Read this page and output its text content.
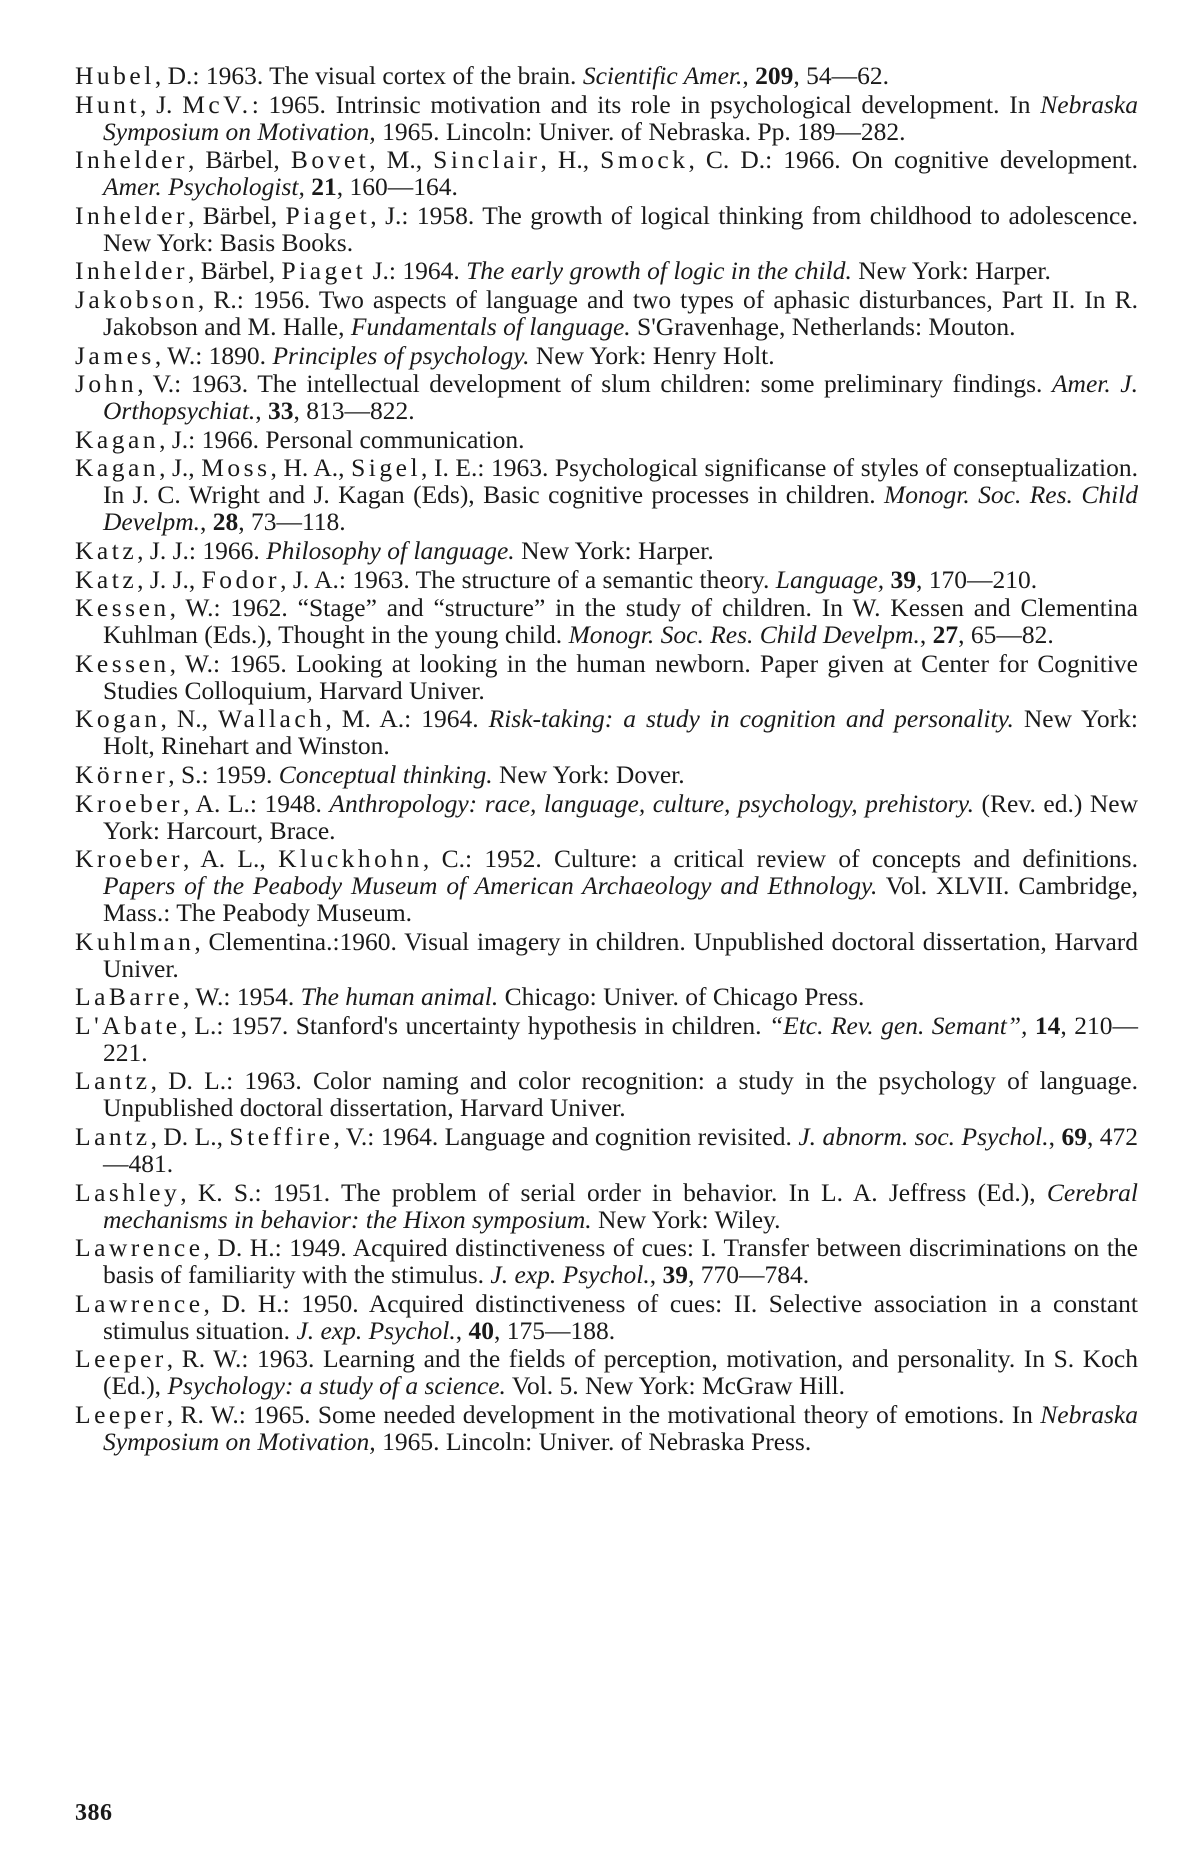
Hubel, D.: 1963. The visual cortex of the brain. Scientific Amer., 209, 54—62.

Hunt, J. McV.: 1965. Intrinsic motivation and its role in psychological development. In Nebraska Symposium on Motivation, 1965. Lincoln: Univer. of Nebraska. Pp. 189—282.

Inhelder, Bärbel, Bovet, M., Sinclair, H., Smock, C. D.: 1966. On cognitive development. Amer. Psychologist, 21, 160—164.

Inhelder, Bärbel, Piaget, J.: 1958. The growth of logical thinking from childhood to adolescence. New York: Basis Books.

Inhelder, Bärbel, Piaget J.: 1964. The early growth of logic in the child. New York: Harper.

Jakobson, R.: 1956. Two aspects of language and two types of aphasic disturbances, Part II. In R. Jakobson and M. Halle, Fundamentals of language. S'Gravenhage, Netherlands: Mouton.

James, W.: 1890. Principles of psychology. New York: Henry Holt.

John, V.: 1963. The intellectual development of slum children: some preliminary findings. Amer. J. Orthopsychiat., 33, 813—822.

Kagan, J.: 1966. Personal communication.

Kagan, J., Moss, H. A., Sigel, I. E.: 1963. Psychological significanse of styles of conseptualization. In J. C. Wright and J. Kagan (Eds), Basic cognitive processes in children. Monogr. Soc. Res. Child Develpm., 28, 73—118.

Katz, J. J.: 1966. Philosophy of language. New York: Harper.

Katz, J. J., Fodor, J. A.: 1963. The structure of a semantic theory. Language, 39, 170—210.

Kessen, W.: 1962. “Stage” and “structure” in the study of children. In W. Kessen and Clementina Kuhlman (Eds.), Thought in the young child. Monogr. Soc. Res. Child Develpm., 27, 65—82.

Kessen, W.: 1965. Looking at looking in the human newborn. Paper given at Center for Cognitive Studies Colloquium, Harvard Univer.

Kogan, N., Wallach, M. A.: 1964. Risk-taking: a study in cognition and personality. New York: Holt, Rinehart and Winston.

Körner, S.: 1959. Conceptual thinking. New York: Dover.

Kroeber, A. L.: 1948. Anthropology: race, language, culture, psychology, prehistory. (Rev. ed.) New York: Harcourt, Brace.

Kroeber, A. L., Kluckhohn, C.: 1952. Culture: a critical review of concepts and definitions. Papers of the Peabody Museum of American Archaeology and Ethnology. Vol. XLVII. Cambridge, Mass.: The Peabody Museum.

Kuhlman, Clementina.:1960. Visual imagery in children. Unpublished doctoral dissertation, Harvard Univer.

LaBarre, W.: 1954. The human animal. Chicago: Univer. of Chicago Press.

L'Abate, L.: 1957. Stanford's uncertainty hypothesis in children. “Etc. Rev. gen. Semant”, 14, 210—221.

Lantz, D. L.: 1963. Color naming and color recognition: a study in the psychology of language. Unpublished doctoral dissertation, Harvard Univer.

Lantz, D. L., Steffire, V.: 1964. Language and cognition revisited. J. abnorm. soc. Psychol., 69, 472—481.

Lashley, K. S.: 1951. The problem of serial order in behavior. In L. A. Jeffress (Ed.), Cerebral mechanisms in behavior: the Hixon symposium. New York: Wiley.

Lawrence, D. H.: 1949. Acquired distinctiveness of cues: I. Transfer between discriminations on the basis of familiarity with the stimulus. J. exp. Psychol., 39, 770—784.

Lawrence, D. H.: 1950. Acquired distinctiveness of cues: II. Selective association in a constant stimulus situation. J. exp. Psychol., 40, 175—188.

Leeper, R. W.: 1963. Learning and the fields of perception, motivation, and personality. In S. Koch (Ed.), Psychology: a study of a science. Vol. 5. New York: McGraw Hill.

Leeper, R. W.: 1965. Some needed development in the motivational theory of emotions. In Nebraska Symposium on Motivation, 1965. Lincoln: Univer. of Nebraska Press.

386
